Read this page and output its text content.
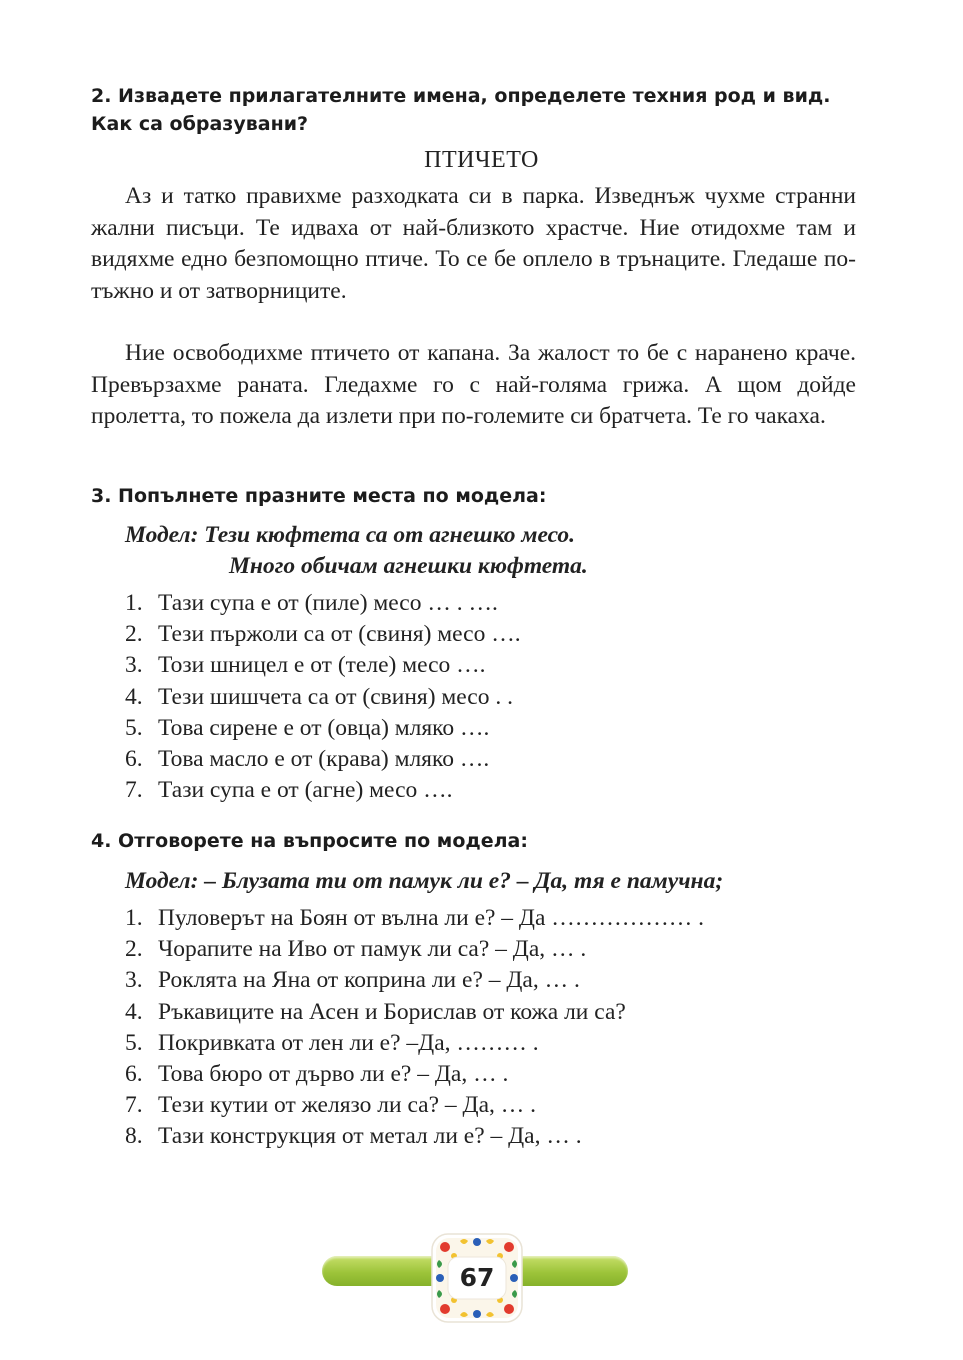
2. Извадете прилагателните имена, определете техния род и вид. Как са образувани?
ПТИЧЕТО

Аз и татко правихме разходката си в парка. Изведнъж чухме странни жални писъци. Те идваха от най-близкото храстче. Ние отидохме там и видяхме едно безпомощно птиче. То се бе оплело в трънаците. Гледаше по-тъжно и от затворниците.

Ние освободихме птичето от капана. За жалост то бе с наранено краче. Превързахме раната. Гледахме го с най-голяма грижа. А щом дойде пролетта, то пожела да излети при по-големите си братчета. Те го чакаха.

3. Попълнете празните места по модела:
Модел: Тези кюфтета са от агнешко месо.
Много обичам агнешки кюфтета.
1. Тази супа е от (пиле) месо … . ….
2. Тези пържоли са от (свиня) месо ….
3. Този шницел е от (теле) месо ….
4. Тези шишчета са от (свиня) месо . .
5. Това сирене е от (овца) мляко ….
6. Това масло е от (крава) мляко ….
7. Тази супа е от (агне) месо ….
4. Отговорете на въпросите по модела:
Модел: – Блузата ти от памук ли е? – Да, тя е памучна;
1. Пуловерът на Боян от вълна ли е? – Да ……………… .
2. Чорапите на Иво от памук ли са? – Да, … .
3. Роклята на Яна от коприна ли е? – Да, … .
4. Ръкавиците на Асен и Борислав от кожа ли са?
5. Покривката от лен ли е? –Да, ……… .
6. Това бюро от дърво ли е? – Да, … .
7. Тези кутии от желязо ли са? – Да, … .
8. Тази конструкция от метал ли е? – Да, … .
67
